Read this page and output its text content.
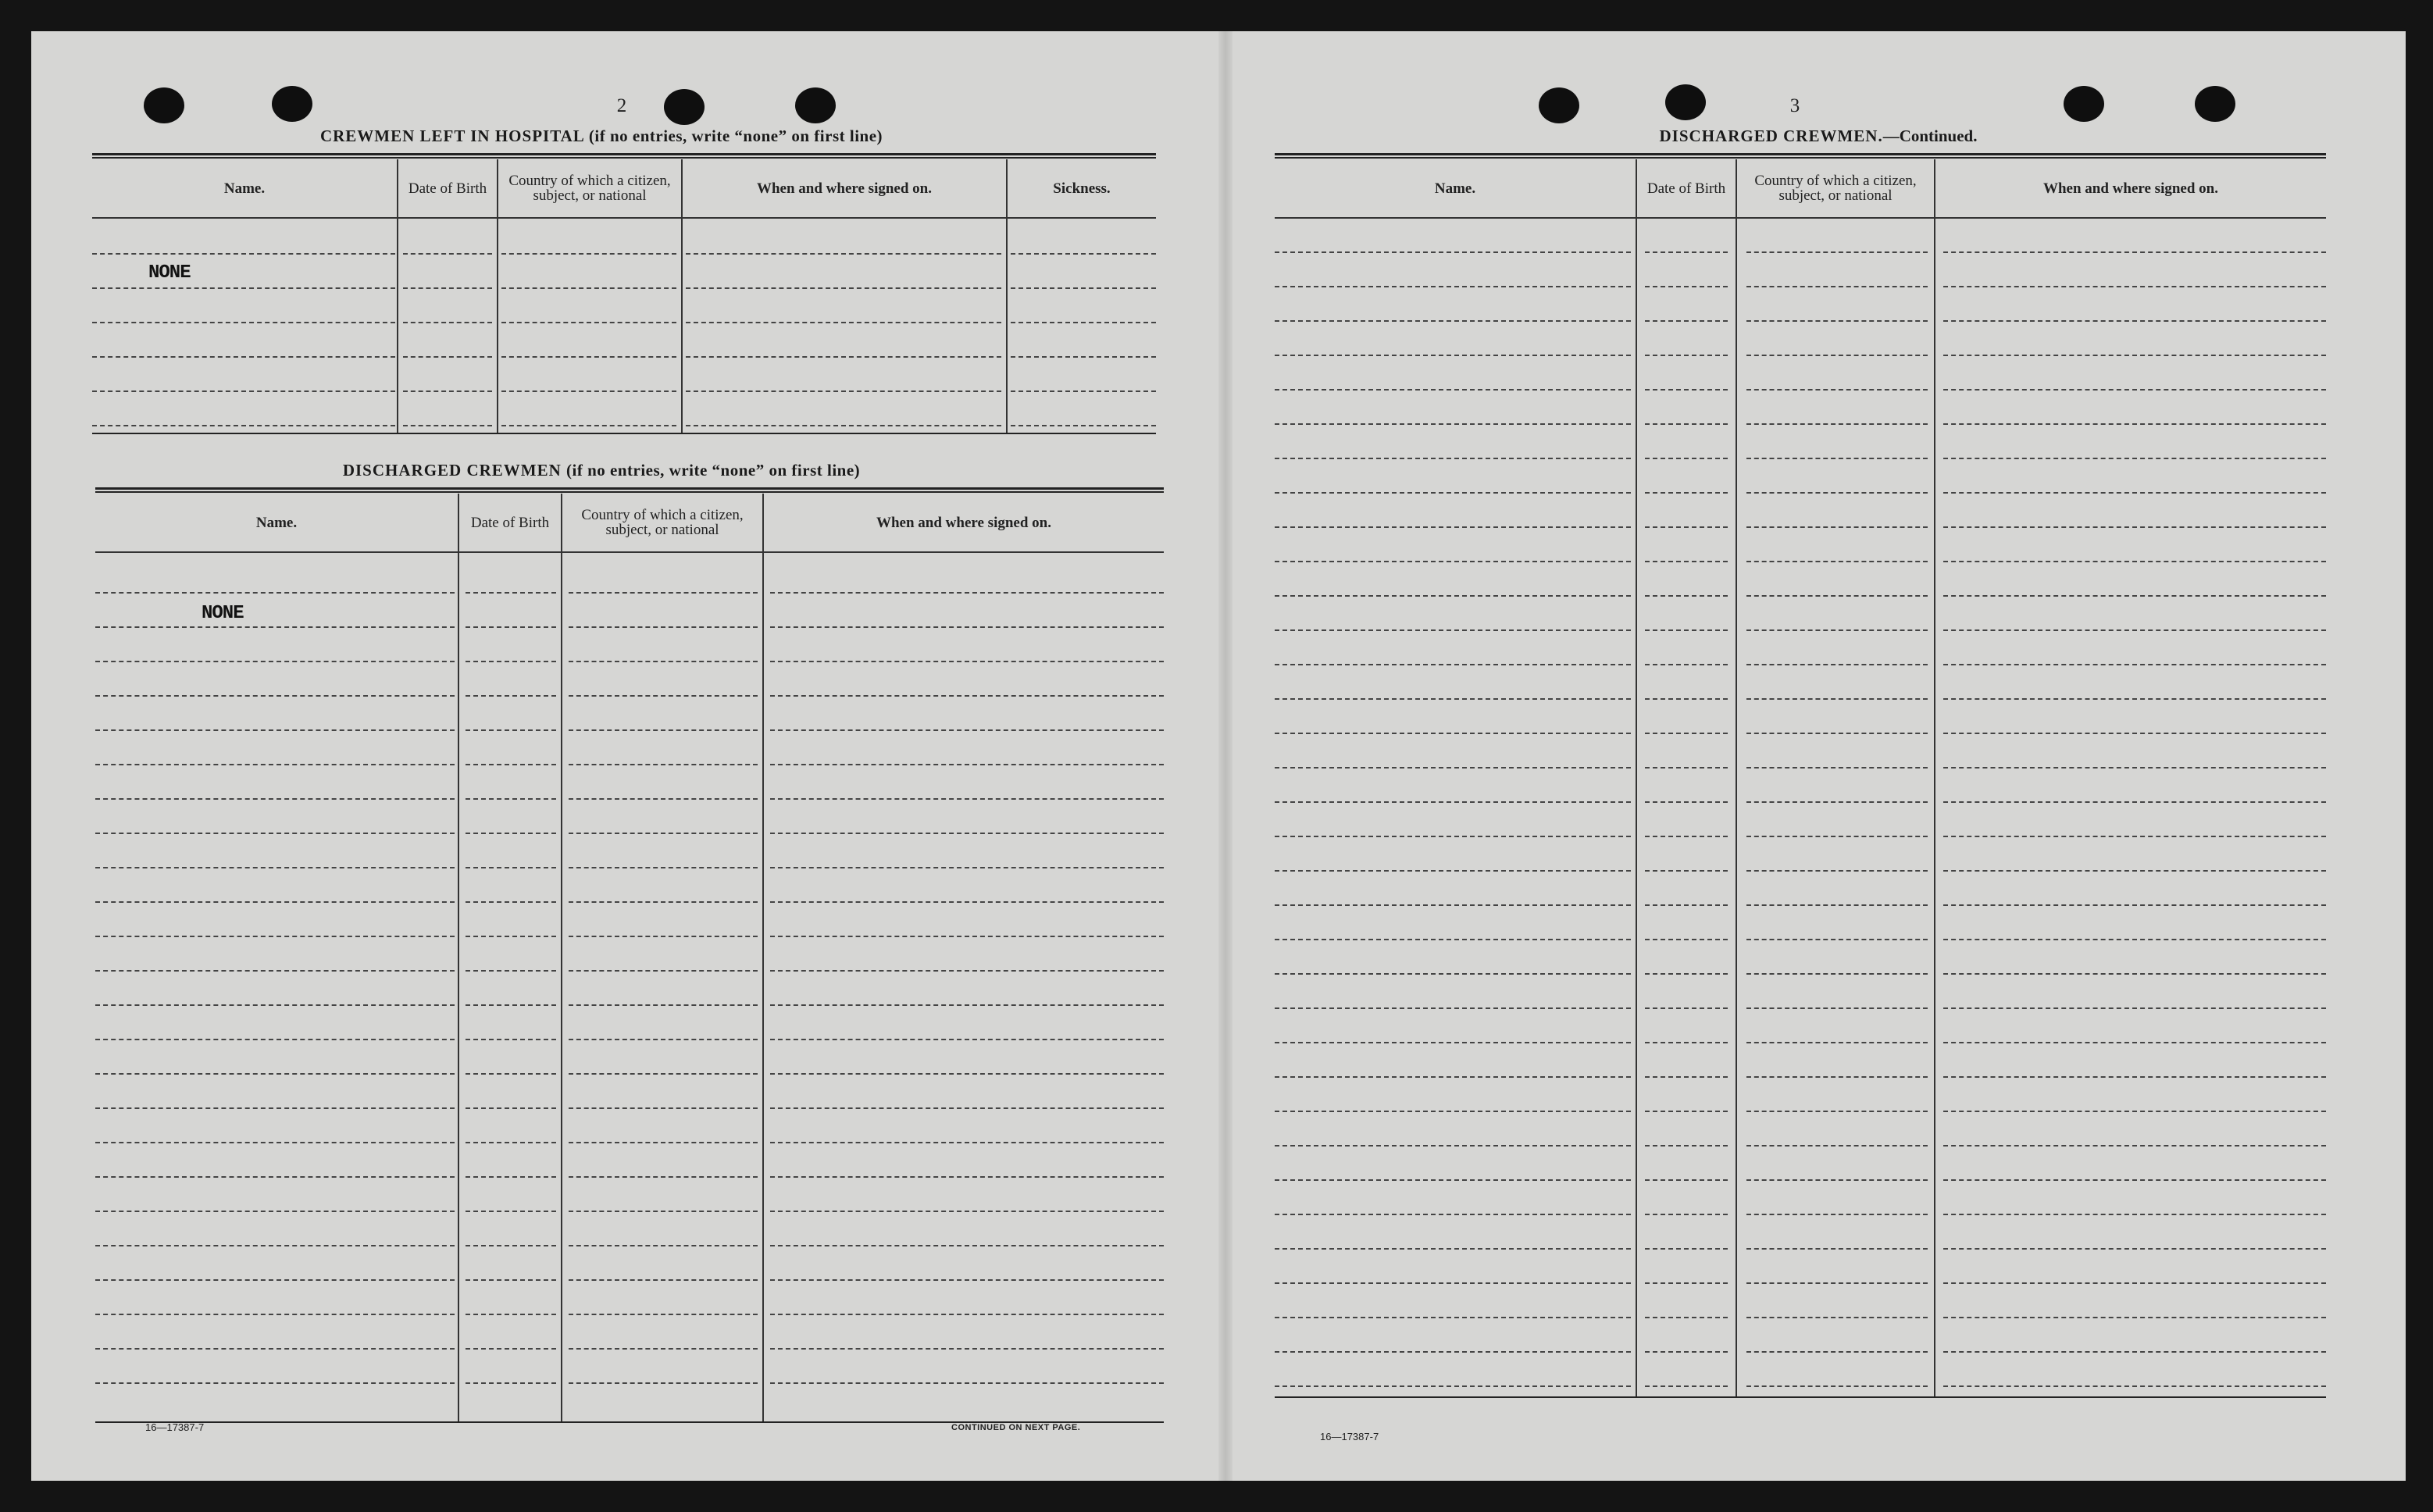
2
CREWMEN LEFT IN HOSPITAL (if no entries, write “none” on first line)
Name.	Date of Birth	Country of which a citizen, subject, or national	When and where signed on.	Sickness.
NONE
DISCHARGED CREWMEN (if no entries, write “none” on first line)
Name.	Date of Birth	Country of which a citizen, subject, or national	When and where signed on.
NONE
16—17387-7	CONTINUED ON NEXT PAGE.
3
DISCHARGED CREWMEN.—Continued.
Name.	Date of Birth	Country of which a citizen, subject, or national	When and where signed on.
16—17387-7
